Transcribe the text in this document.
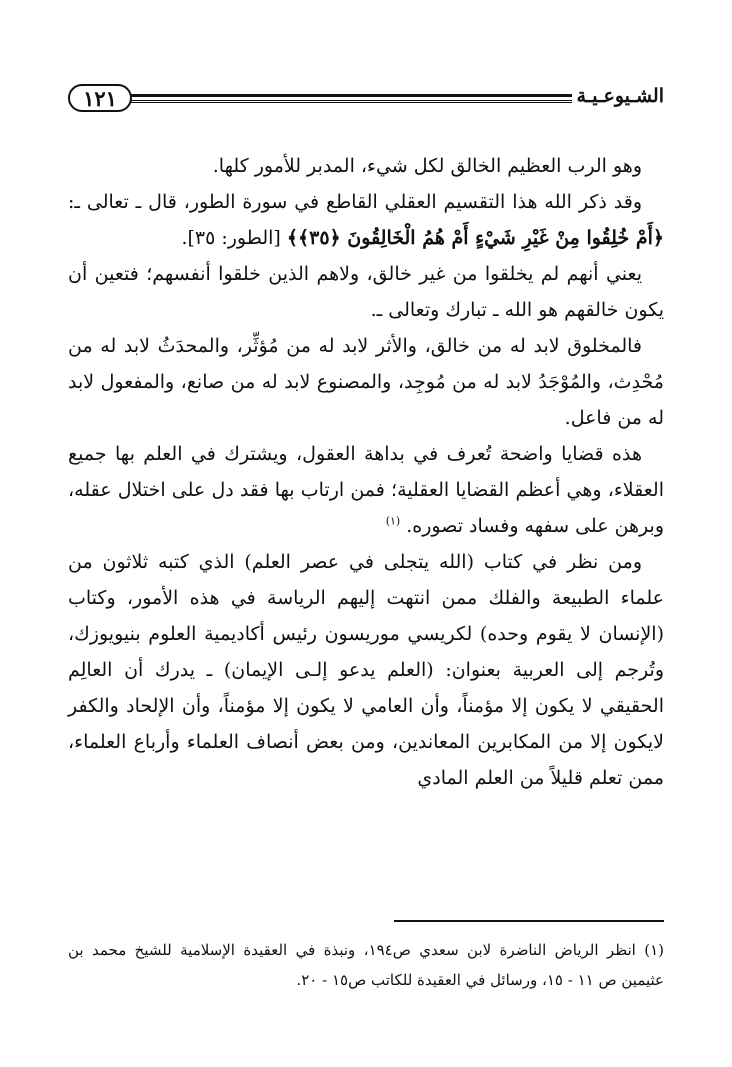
١٢١	الشـيوعـيـة

وهو الرب العظيم الخالق لكل شيء، المدبر للأمور كلها.

وقد ذكر الله هذا التقسيم العقلي القاطع في سورة الطور، قال ـ تعالى ـ: ﴿أَمْ خُلِقُوا مِنْ غَيْرِ شَيْءٍ أَمْ هُمُ الْخَالِقُونَ ﴿٣٥﴾﴾ [الطور: ٣٥].

يعني أنهم لم يخلقوا من غير خالق، ولاهم الذين خلقوا أنفسهم؛ فتعين أن يكون خالقهم هو الله ـ تبارك وتعالى ـ.

فالمخلوق لابد له من خالق، والأثر لابد له من مُؤثِّر، والمحدَثُ لابد له من مُحْدِث، والمُوْجَدُ لابد له من مُوجِد، والمصنوع لابد له من صانع، والمفعول لابد له من فاعل.

هذه قضايا واضحة تُعرف في بداهة العقول، ويشترك في العلم بها جميع العقلاء، وهي أعظم القضايا العقلية؛ فمن ارتاب بها فقد دل على اختلال عقله، وبرهن على سفهه وفساد تصوره. $^{(١)}$

ومن نظر في كتاب (الله يتجلى في عصر العلم) الذي كتبه ثلاثون من علماء الطبيعة والفلك ممن انتهت إليهم الرياسة في هذه الأمور، وكتاب (الإنسان لا يقوم وحده) لكريسي موريسون رئيس أكاديمية العلوم بنيويوزك، وتُرجم إلى العربية بعنوان: (العلم يدعو إلـى الإيمان) ـ يدرك أن العالِم الحقيقي لا يكون إلا مؤمناً، وأن العامي لا يكون إلا مؤمناً، وأن الإلحاد والكفر لايكون إلا من المكابرين المعاندين، ومن بعض أنصاف العلماء وأرباع العلماء، ممن تعلم قليلاً من العلم المادي

(١) انظر الرياض الناضرة لابن سعدي ص١٩٤، ونبذة في العقيدة الإسلامية للشيخ محمد بن عثيمين ص ١١ - ١٥، ورسائل في العقيدة للكاتب ص١٥ - ٢٠.
